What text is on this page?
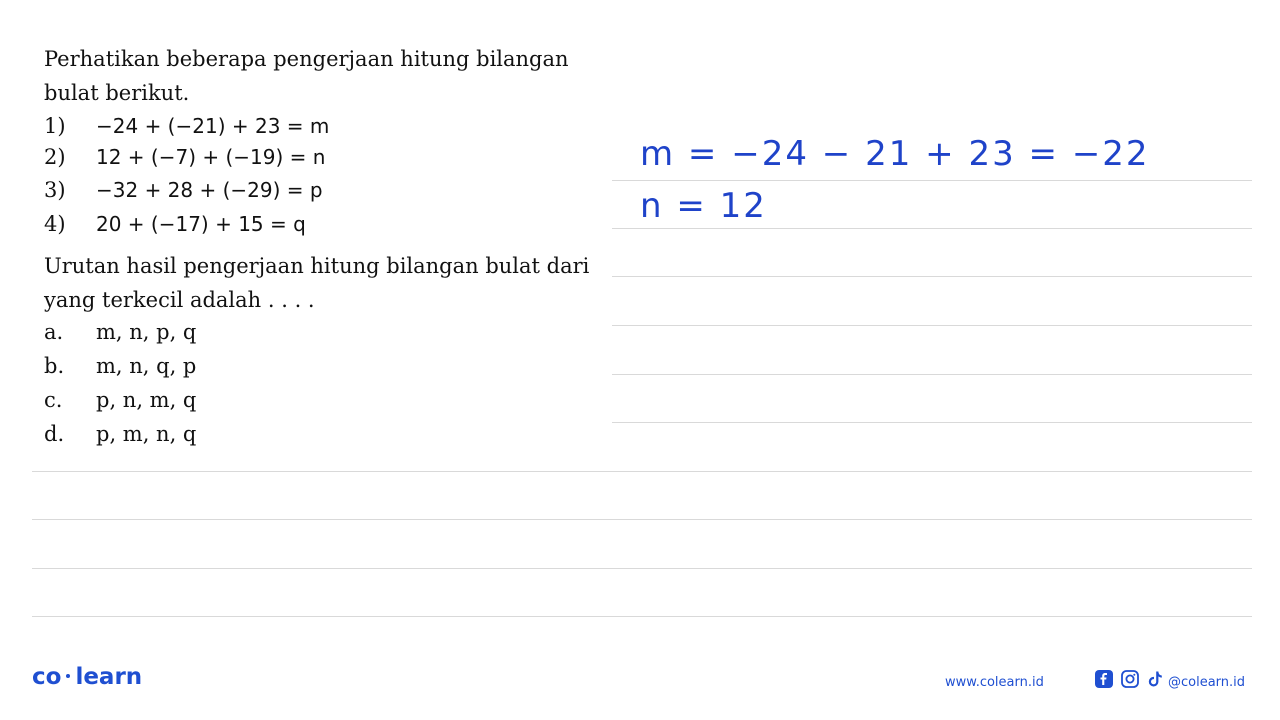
Perhatikan beberapa pengerjaan hitung bilangan
bulat berikut.
1) −24 + (−21) + 23 = m
2) 12 + (−7) + (−19) = n
3) −32 + 28 + (−29) = p
4) 20 + (−17) + 15 = q
Urutan hasil pengerjaan hitung bilangan bulat dari
yang terkecil adalah . . . .
a. m, n, p, q
b. m, n, q, p
c. p, n, m, q
d. p, m, n, q
m = −24 − 21 + 23 = −22
n = 12
co learn	www.colearn.id	@colearn.id
